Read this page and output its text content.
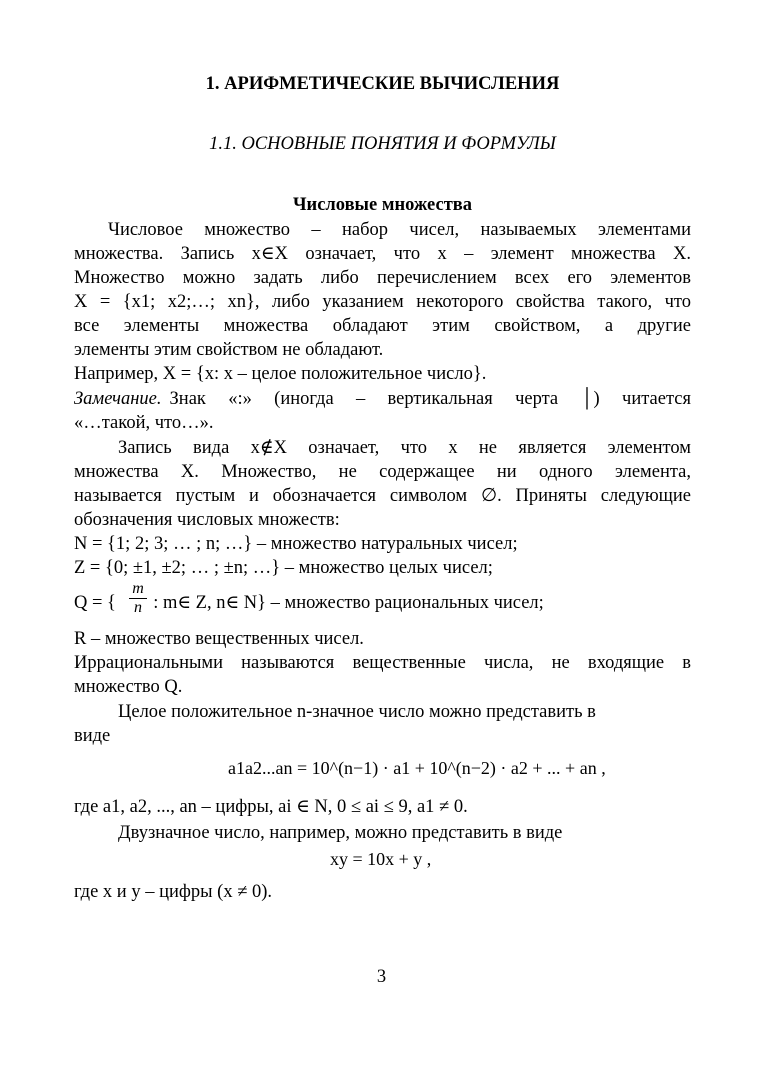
1. АРИФМЕТИЧЕСКИЕ ВЫЧИСЛЕНИЯ
1.1. ОСНОВНЫЕ ПОНЯТИЯ И ФОРМУЛЫ
Числовые множества
Числовое множество – набор чисел, называемых элементами
множества. Запись x∈X означает, что x – элемент множества X.
Множество можно задать либо перечислением всех его элементов
X = {x1; x2;…; xn}, либо указанием некоторого свойства такого, что
все элементы множества обладают этим свойством, а другие
элементы этим свойством не обладают.
Например, X = {x: x – целое положительное число}.
Замечание. Знак «:» (иногда – вертикальная черта │) читается
«…такой, что…».
Запись вида x∉X означает, что x не является элементом
множества X. Множество, не содержащее ни одного элемента,
называется пустым и обозначается символом ∅. Приняты следующие
обозначения числовых множеств:
N = {1; 2; 3; … ; n; …} – множество натуральных чисел;
Z = {0; ±1, ±2; … ; ±n; …} – множество целых чисел;
Q = { : m∈ Z, n∈ N} – множество рациональных чисел;
$\frac{m}{n}$
R – множество вещественных чисел.
Иррациональными называются вещественные числа, не входящие в
множество Q.
Целое положительное n-значное число можно представить в
виде
a1a2...an = 10^(n−1) · a1 + 10^(n−2) · a2 + ... + an ,
где a1, a2, ..., an – цифры, ai ∈ N, 0 ≤ ai ≤ 9, a1 ≠ 0.
Двузначное число, например, можно представить в виде
xy = 10x + y ,
где x и y – цифры (x ≠ 0).
3
